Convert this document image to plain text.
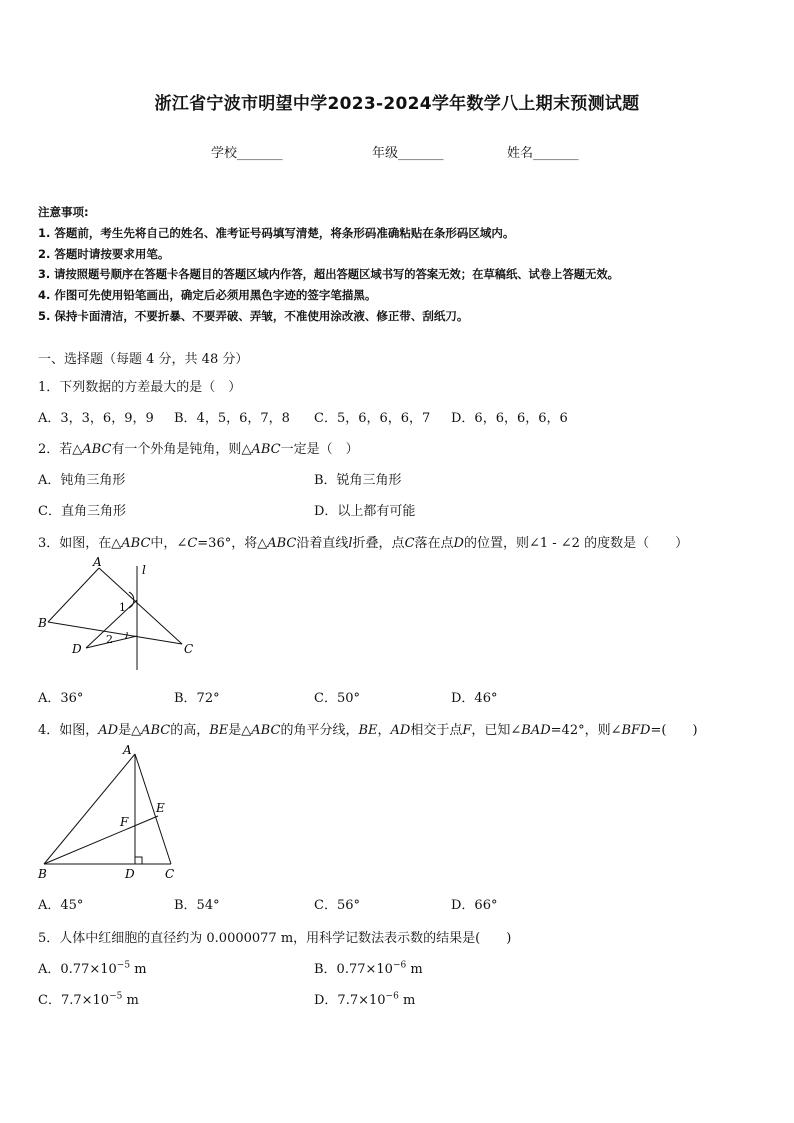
浙江省宁波市明望中学2023-2024学年数学八上期末预测试题
学校_______	年级_______	姓名_______
注意事项:
1. 答题前，考生先将自己的姓名、准考证号码填写清楚，将条形码准确粘贴在条形码区域内。
2. 答题时请按要求用笔。
3. 请按照题号顺序在答题卡各题目的答题区域内作答，超出答题区域书写的答案无效；在草稿纸、试卷上答题无效。
4. 作图可先使用铅笔画出，确定后必须用黑色字迹的签字笔描黑。
5. 保持卡面清洁，不要折暴、不要弄破、弄皱，不准使用涂改液、修正带、刮纸刀。
一、选择题（每题 4 分，共 48 分）
1．下列数据的方差最大的是（　）
A．3，3，6，9，9 B．4，5，6，7，8 C．5，6，6，6，7 D．6，6，6，6，6
2．若△ABC有一个外角是钝角，则△ABC一定是（　）
A．钝角三角形	B．锐角三角形
C．直角三角形	D．以上都有可能
3．如图，在△ABC中，∠C=36°，将△ABC沿着直线l折叠，点C落在点D的位置，则∠1 - ∠2 的度数是（　　）
A
B
C
D
l
1
2
A．36°	B．72°	C．50°	D．46°
4．如图，AD是△ABC的高，BE是△ABC的角平分线，BE，AD相交于点F，已知∠BAD=42°，则∠BFD=(　　)
A
B	C
D
E
F
A．45°	B．54°	C．56°	D．66°
5．人体中红细胞的直径约为 0.0000077 m，用科学记数法表示数的结果是(　　)
A．$0.77\times 10^{-5}$ m	B．$0.77\times 10^{-6}$ m
C．$7.7\times 10^{-5}$ m	D．$7.7\times 10^{-6}$ m
